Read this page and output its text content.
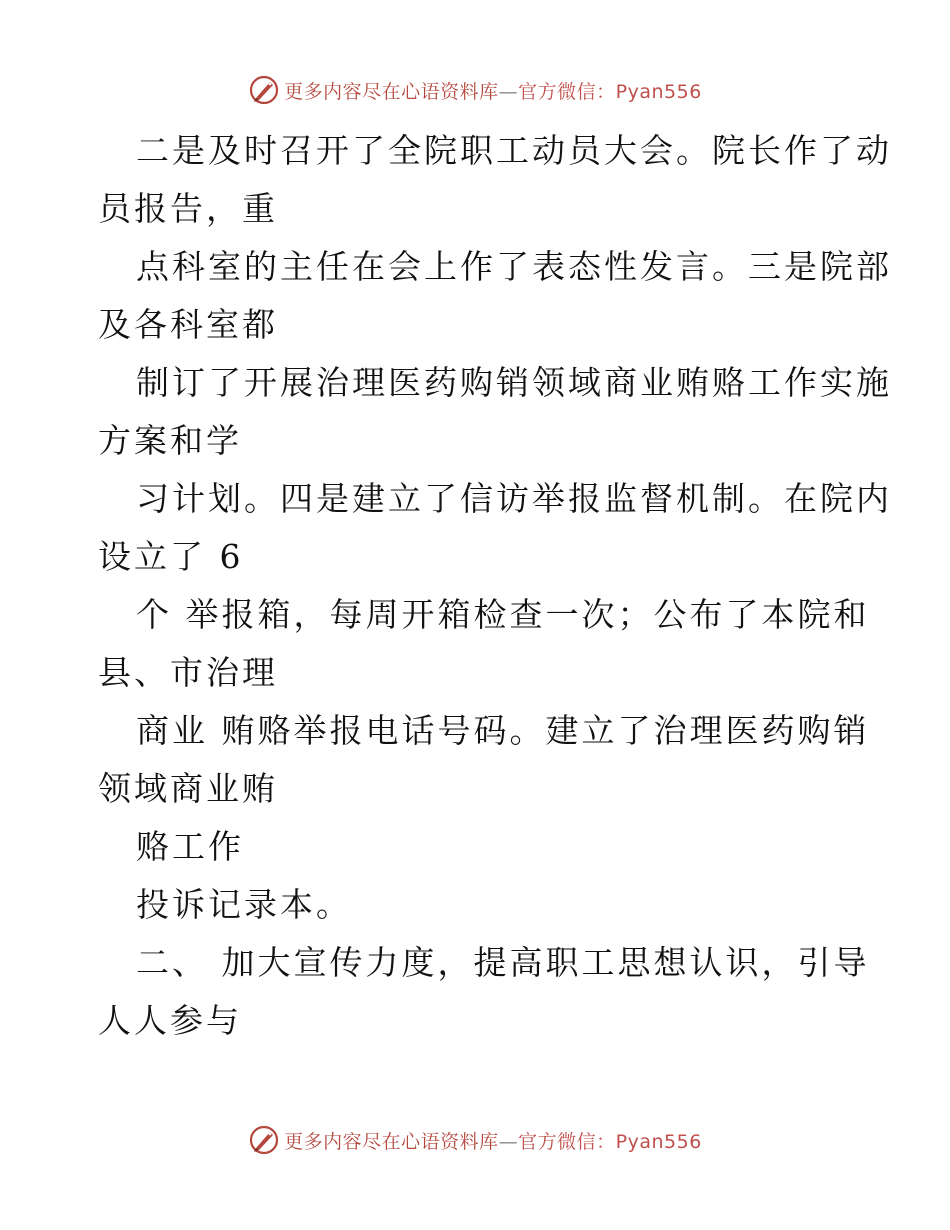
更多内容尽在心语资料库—官方微信：Pyan556

二是及时召开了全院职工动员大会。院长作了动

员报告，重

点科室的主任在会上作了表态性发言。三是院部

及各科室都

制订了开展治理医药购销领域商业贿赂工作实施

方案和学

习计划。四是建立了信访举报监督机制。在院内

设立了 6

个 举报箱，每周开箱检查一次；公布了本院和

县、市治理

商业 贿赂举报电话号码。建立了治理医药购销

领域商业贿

赂工作

投诉记录本。

二、 加大宣传力度，提高职工思想认识，引导

人人参与

更多内容尽在心语资料库—官方微信：Pyan556
